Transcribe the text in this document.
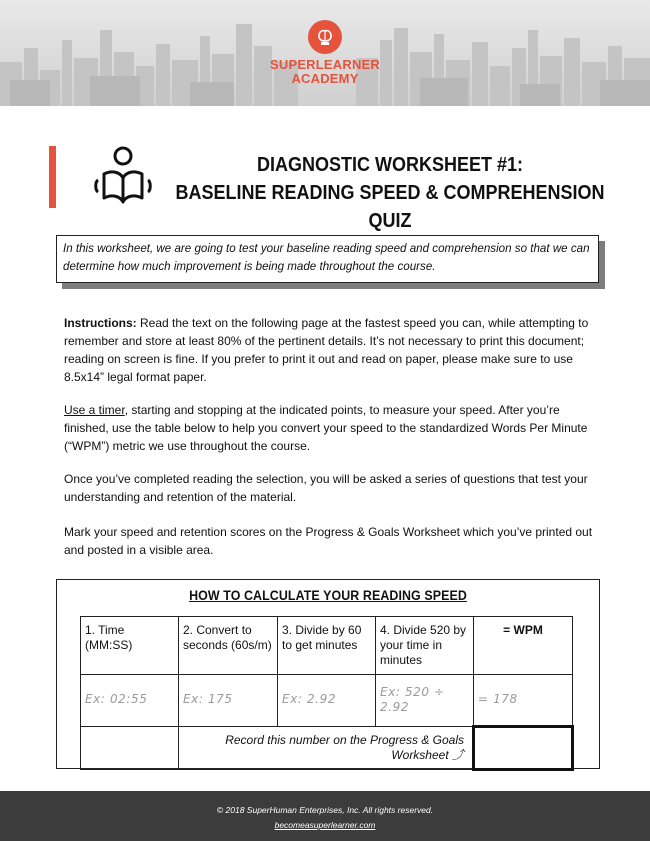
SUPERLEARNER
ACADEMY
DIAGNOSTIC WORKSHEET #1:
BASELINE READING SPEED & COMPREHENSION QUIZ
In this worksheet, we are going to test your baseline reading speed and comprehension so that we can determine how much improvement is being made throughout the course.
Instructions: Read the text on the following page at the fastest speed you can, while attempting to remember and store at least 80% of the pertinent details. It’s not necessary to print this document; reading on screen is fine. If you prefer to print it out and read on paper, please make sure to use 8.5x14” legal format paper.
Use a timer, starting and stopping at the indicated points, to measure your speed. After you’re finished, use the table below to help you convert your speed to the standardized Words Per Minute (“WPM”) metric we use throughout the course.
Once you’ve completed reading the selection, you will be asked a series of questions that test your understanding and retention of the material.
Mark your speed and retention scores on the Progress & Goals Worksheet which you’ve printed out and posted in a visible area.
HOW TO CALCULATE YOUR READING SPEED
1. Time (MM:SS)	2. Convert to seconds (60s/m)	3. Divide by 60 to get minutes	4. Divide 520 by your time in minutes	= WPM
Ex: 02:55	Ex: 175	Ex: 2.92	Ex: 520 ÷ 2.92	= 178
	Record this number on the Progress & Goals Worksheet ⤴			
© 2018 SuperHuman Enterprises, Inc. All rights reserved.
becomeasuperlearner.com
